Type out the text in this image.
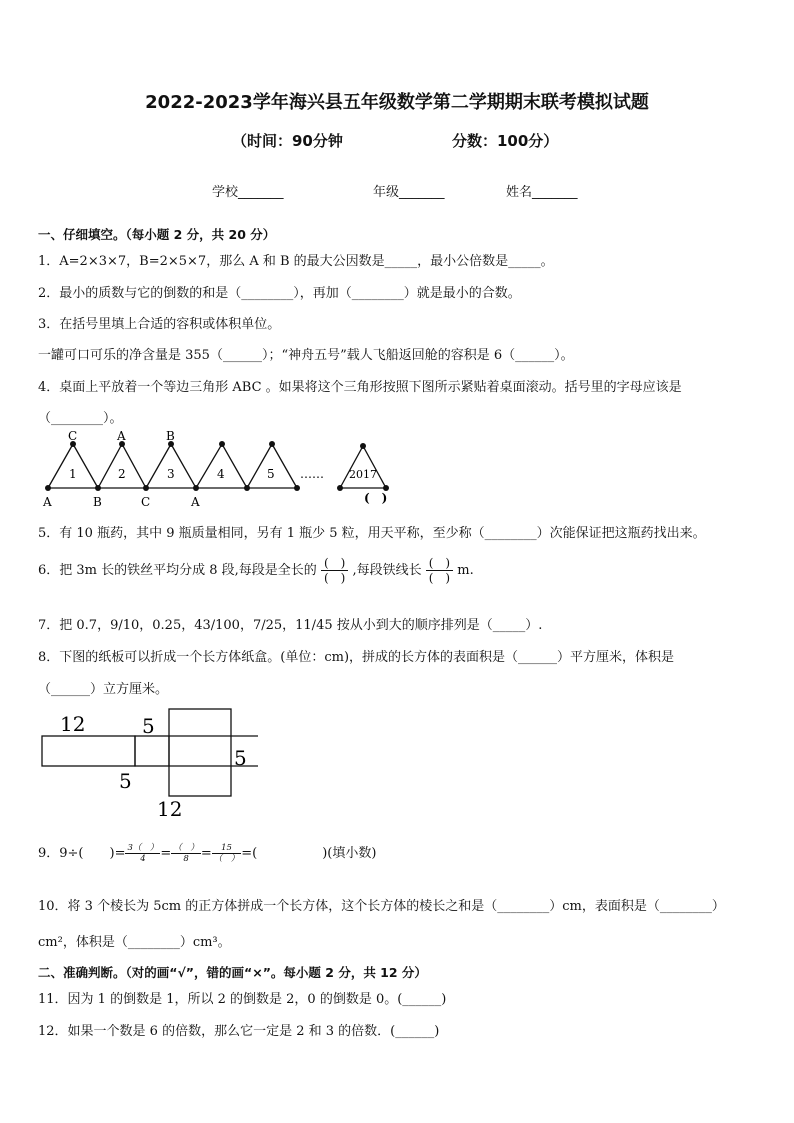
2022-2023学年海兴县五年级数学第二学期期末联考模拟试题
（时间：90分钟	分数：100分）
学校_______	年级_______	姓名_______
一、仔细填空。（每小题 2 分，共 20 分）
1．A=2×3×7，B=2×5×7，那么 A 和 B 的最大公因数是_____，最小公倍数是_____。
2．最小的质数与它的倒数的和是（________），再加（________）就是最小的合数。
3．在括号里填上合适的容积或体积单位。
一罐可口可乐的净含量是 355（______）；“神舟五号”载人飞船返回舱的容积是 6（______）。
4．桌面上平放着一个等边三角形 ABC 。如果将这个三角形按照下图所示紧贴着桌面滚动。括号里的字母应该是
（________）。
C	A	B
1	2	3	4	5
A	B	C	A
…… 2017
(　)
5．有 10 瓶药，其中 9 瓶质量相同，另有 1 瓶少 5 粒，用天平称，至少称（________）次能保证把这瓶药找出来。
6．把 3m 长的铁丝平均分成 8 段,每段是全长的 $\frac{( )}{( )}$ ,每段铁线长 $\frac{( )}{( )} m$.
7．把 0.7，9/10，0.25，43/100，7/25，11/45 按从小到大的顺序排列是（_____）.
8．下图的纸板可以折成一个长方体纸盒。(单位：cm)，拼成的长方体的表面积是（______）平方厘米，体积是
（______）立方厘米。
12	5
5
5
12
9．9÷(　　)= $\frac{3( )}{4}$ = （　）
8 =	15
（　） =(　　　　　)(填小数)
10．将 3 个棱长为 5cm 的正方体拼成一个长方体，这个长方体的棱长之和是（________）cm，表面积是（________）
cm²，体积是（________）cm³。
二、准确判断。（对的画“√”，错的画“×”。每小题 2 分，共 12 分）
11．因为 1 的倒数是 1，所以 2 的倒数是 2，0 的倒数是 0。(______)
12．如果一个数是 6 的倍数，那么它一定是 2 和 3 的倍数．(______)
